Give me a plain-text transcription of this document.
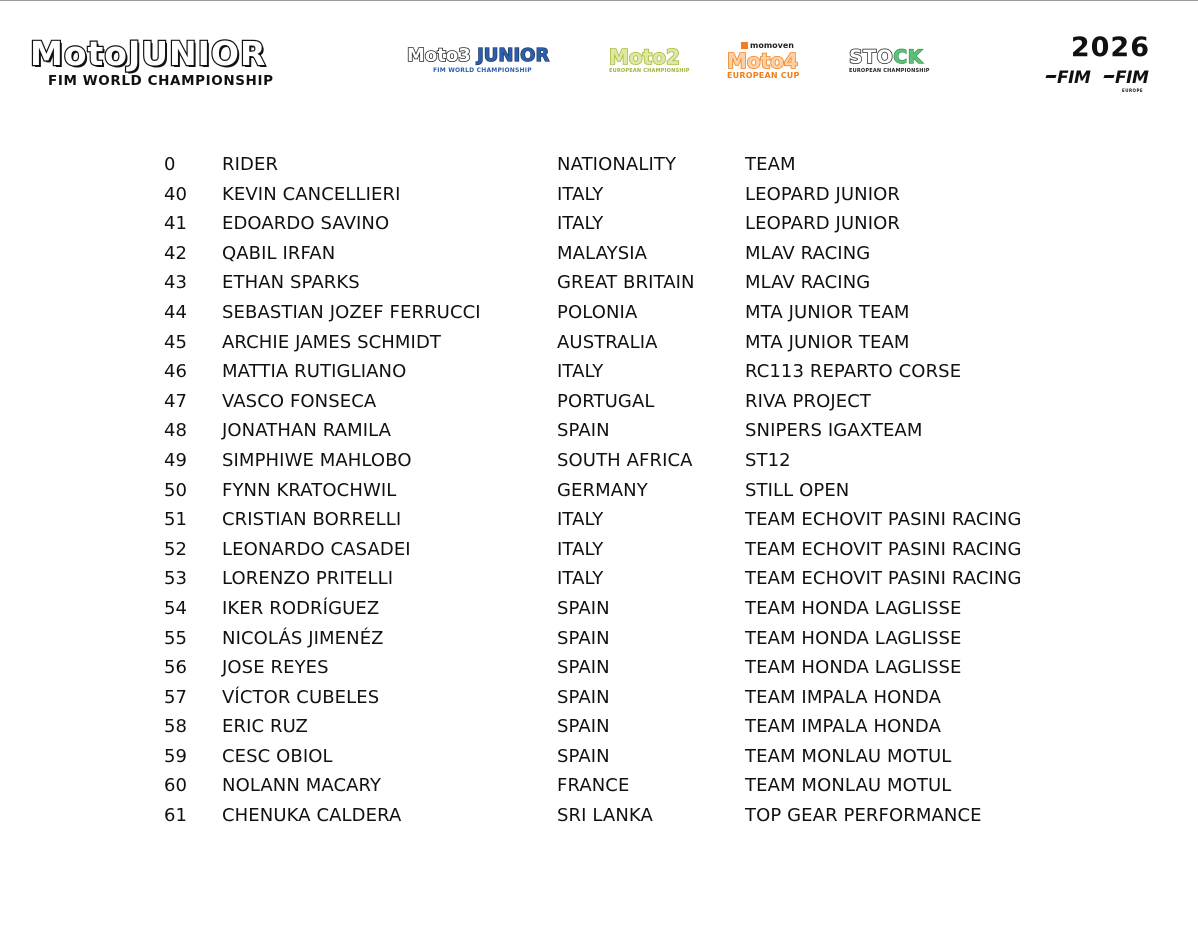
MotoJUNIOR
FIM WORLD CHAMPIONSHIP
Moto3 JUNIOR
FIM WORLD CHAMPIONSHIP
Moto2
EUROPEAN CHAMPIONSHIP
momoven
Moto4
EUROPEAN CUP
STOCK
EUROPEAN CHAMPIONSHIP
2026
FIM	FIM
EUROPE
0	RIDER	NATIONALITY	TEAM
40	KEVIN CANCELLIERI	ITALY	LEOPARD JUNIOR
41	EDOARDO SAVINO	ITALY	LEOPARD JUNIOR
42	QABIL IRFAN	MALAYSIA	MLAV RACING
43	ETHAN SPARKS	GREAT BRITAIN	MLAV RACING
44	SEBASTIAN JOZEF FERRUCCI	POLONIA	MTA JUNIOR TEAM
45	ARCHIE JAMES SCHMIDT	AUSTRALIA	MTA JUNIOR TEAM
46	MATTIA RUTIGLIANO	ITALY	RC113 REPARTO CORSE
47	VASCO FONSECA	PORTUGAL	RIVA PROJECT
48	JONATHAN RAMILA	SPAIN	SNIPERS IGAXTEAM
49	SIMPHIWE MAHLOBO	SOUTH AFRICA	ST12
50	FYNN KRATOCHWIL	GERMANY	STILL OPEN
51	CRISTIAN BORRELLI	ITALY	TEAM ECHOVIT PASINI RACING
52	LEONARDO CASADEI	ITALY	TEAM ECHOVIT PASINI RACING
53	LORENZO PRITELLI	ITALY	TEAM ECHOVIT PASINI RACING
54	IKER RODRÍGUEZ	SPAIN	TEAM HONDA LAGLISSE
55	NICOLÁS JIMENÉZ	SPAIN	TEAM HONDA LAGLISSE
56	JOSE REYES	SPAIN	TEAM HONDA LAGLISSE
57	VÍCTOR CUBELES	SPAIN	TEAM IMPALA HONDA
58	ERIC RUZ	SPAIN	TEAM IMPALA HONDA
59	CESC OBIOL	SPAIN	TEAM MONLAU MOTUL
60	NOLANN MACARY	FRANCE	TEAM MONLAU MOTUL
61	CHENUKA CALDERA	SRI LANKA	TOP GEAR PERFORMANCE
